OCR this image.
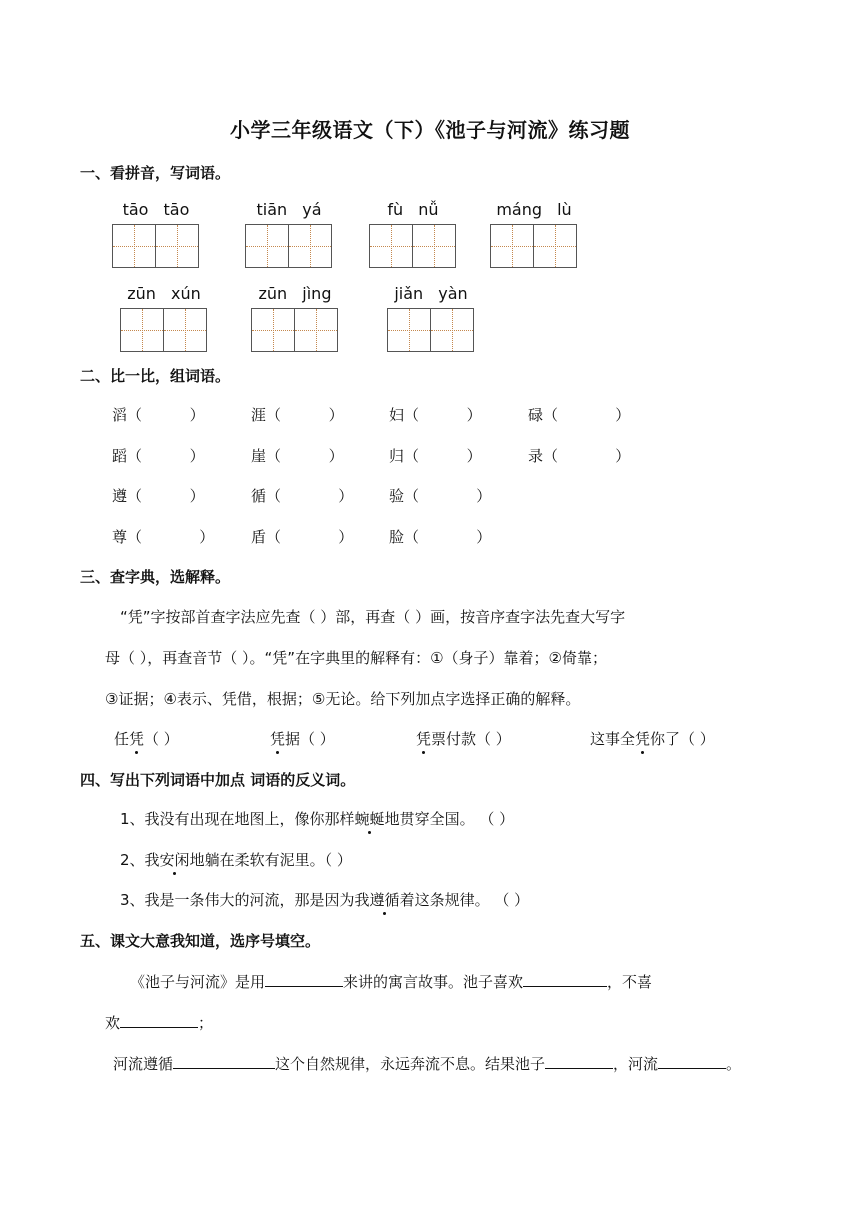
小学三年级语文（下）《池子与河流》练习题
一、看拼音，写词语。
tāo tāo	tiān yá	fù nǚ	máng lù
zūn xún	zūn jìng	jiǎn yàn
二、比一比，组词语。
滔（          ）	涯（          ）	妇（          ）	碌（            ）
蹈（          ）	崖（          ）	归（          ）	录（            ）
遵（          ）	循（            ） 验（            ）
尊（            ） 盾（            ） 脸（            ）
三、查字典，选解释。
“凭”字按部首查字法应先查（ ）部，再查（ ）画，按音序查字法先查大写字
母（ ），再查音节（ ）。“凭”在字典里的解释有：①（身子）靠着；②倚靠；
③证据；④表示、凭借，根据；⑤无论。给下列加点字选择正确的解释。
任凭（ ）	凭据（ ）	凭票付款（ ）	这事全凭你了（ ）
四、写出下列词语中加点 词语的反义词。
1、我没有出现在地图上，像你那样蜿蜒地贯穿全国。 （ ）
2、我安闲地躺在柔软有泥里。（ ）
3、我是一条伟大的河流，那是因为我遵循着这条规律。 （ ）
五、课文大意我知道，选序号填空。
《池子与河流》是用	来讲的寓言故事。池子喜欢	，不喜
欢	；
河流遵循	这个自然规律，永远奔流不息。结果池子	，河流	。
